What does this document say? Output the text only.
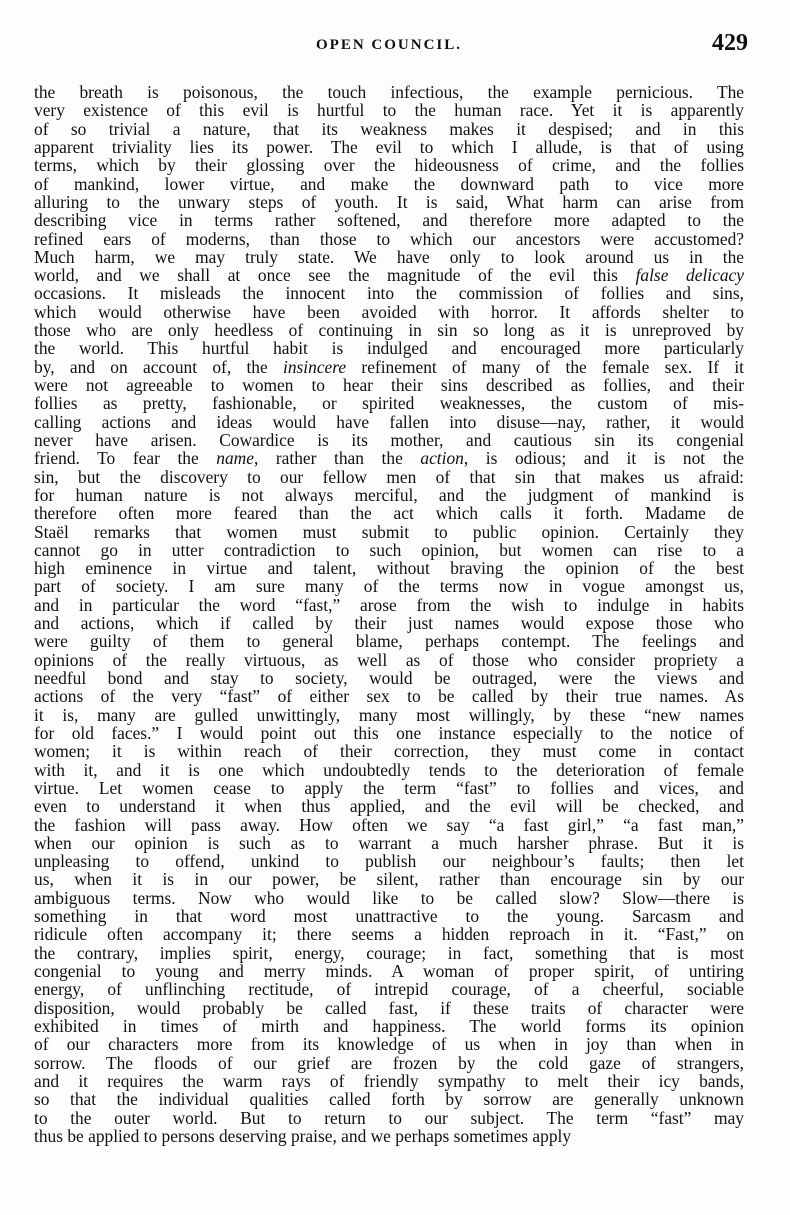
OPEN COUNCIL.	429
the breath is poisonous, the touch infectious, the example pernicious. The
very existence of this evil is hurtful to the human race. Yet it is apparently
of so trivial a nature, that its weakness makes it despised; and in this
apparent triviality lies its power. The evil to which I allude, is that of using
terms, which by their glossing over the hideousness of crime, and the follies
of mankind, lower virtue, and make the downward path to vice more
alluring to the unwary steps of youth. It is said, What harm can arise from
describing vice in terms rather softened, and therefore more adapted to the
refined ears of moderns, than those to which our ancestors were accustomed?
Much harm, we may truly state. We have only to look around us in the
world, and we shall at once see the magnitude of the evil this false delicacy
occasions. It misleads the innocent into the commission of follies and sins,
which would otherwise have been avoided with horror. It affords shelter to
those who are only heedless of continuing in sin so long as it is unreproved by
the world. This hurtful habit is indulged and encouraged more particularly
by, and on account of, the insincere refinement of many of the female sex. If it
were not agreeable to women to hear their sins described as follies, and their
follies as pretty, fashionable, or spirited weaknesses, the custom of mis-
calling actions and ideas would have fallen into disuse—nay, rather, it would
never have arisen. Cowardice is its mother, and cautious sin its congenial
friend. To fear the name, rather than the action, is odious; and it is not the
sin, but the discovery to our fellow men of that sin that makes us afraid:
for human nature is not always merciful, and the judgment of mankind is
therefore often more feared than the act which calls it forth. Madame de
Staël remarks that women must submit to public opinion. Certainly they
cannot go in utter contradiction to such opinion, but women can rise to a
high eminence in virtue and talent, without braving the opinion of the best
part of society. I am sure many of the terms now in vogue amongst us,
and in particular the word “fast,” arose from the wish to indulge in habits
and actions, which if called by their just names would expose those who
were guilty of them to general blame, perhaps contempt. The feelings and
opinions of the really virtuous, as well as of those who consider propriety a
needful bond and stay to society, would be outraged, were the views and
actions of the very “fast” of either sex to be called by their true names. As
it is, many are gulled unwittingly, many most willingly, by these “new names
for old faces.” I would point out this one instance especially to the notice of
women; it is within reach of their correction, they must come in contact
with it, and it is one which undoubtedly tends to the deterioration of female
virtue. Let women cease to apply the term “fast” to follies and vices, and
even to understand it when thus applied, and the evil will be checked, and
the fashion will pass away. How often we say “a fast girl,” “a fast man,”
when our opinion is such as to warrant a much harsher phrase. But it is
unpleasing to offend, unkind to publish our neighbour’s faults; then let
us, when it is in our power, be silent, rather than encourage sin by our
ambiguous terms. Now who would like to be called slow? Slow—there is
something in that word most unattractive to the young. Sarcasm and
ridicule often accompany it; there seems a hidden reproach in it. “Fast,” on
the contrary, implies spirit, energy, courage; in fact, something that is most
congenial to young and merry minds. A woman of proper spirit, of untiring
energy, of unflinching rectitude, of intrepid courage, of a cheerful, sociable
disposition, would probably be called fast, if these traits of character were
exhibited in times of mirth and happiness. The world forms its opinion
of our characters more from its knowledge of us when in joy than when in
sorrow. The floods of our grief are frozen by the cold gaze of strangers,
and it requires the warm rays of friendly sympathy to melt their icy bands,
so that the individual qualities called forth by sorrow are generally unknown
to the outer world. But to return to our subject. The term “fast” may
thus be applied to persons deserving praise, and we perhaps sometimes apply
